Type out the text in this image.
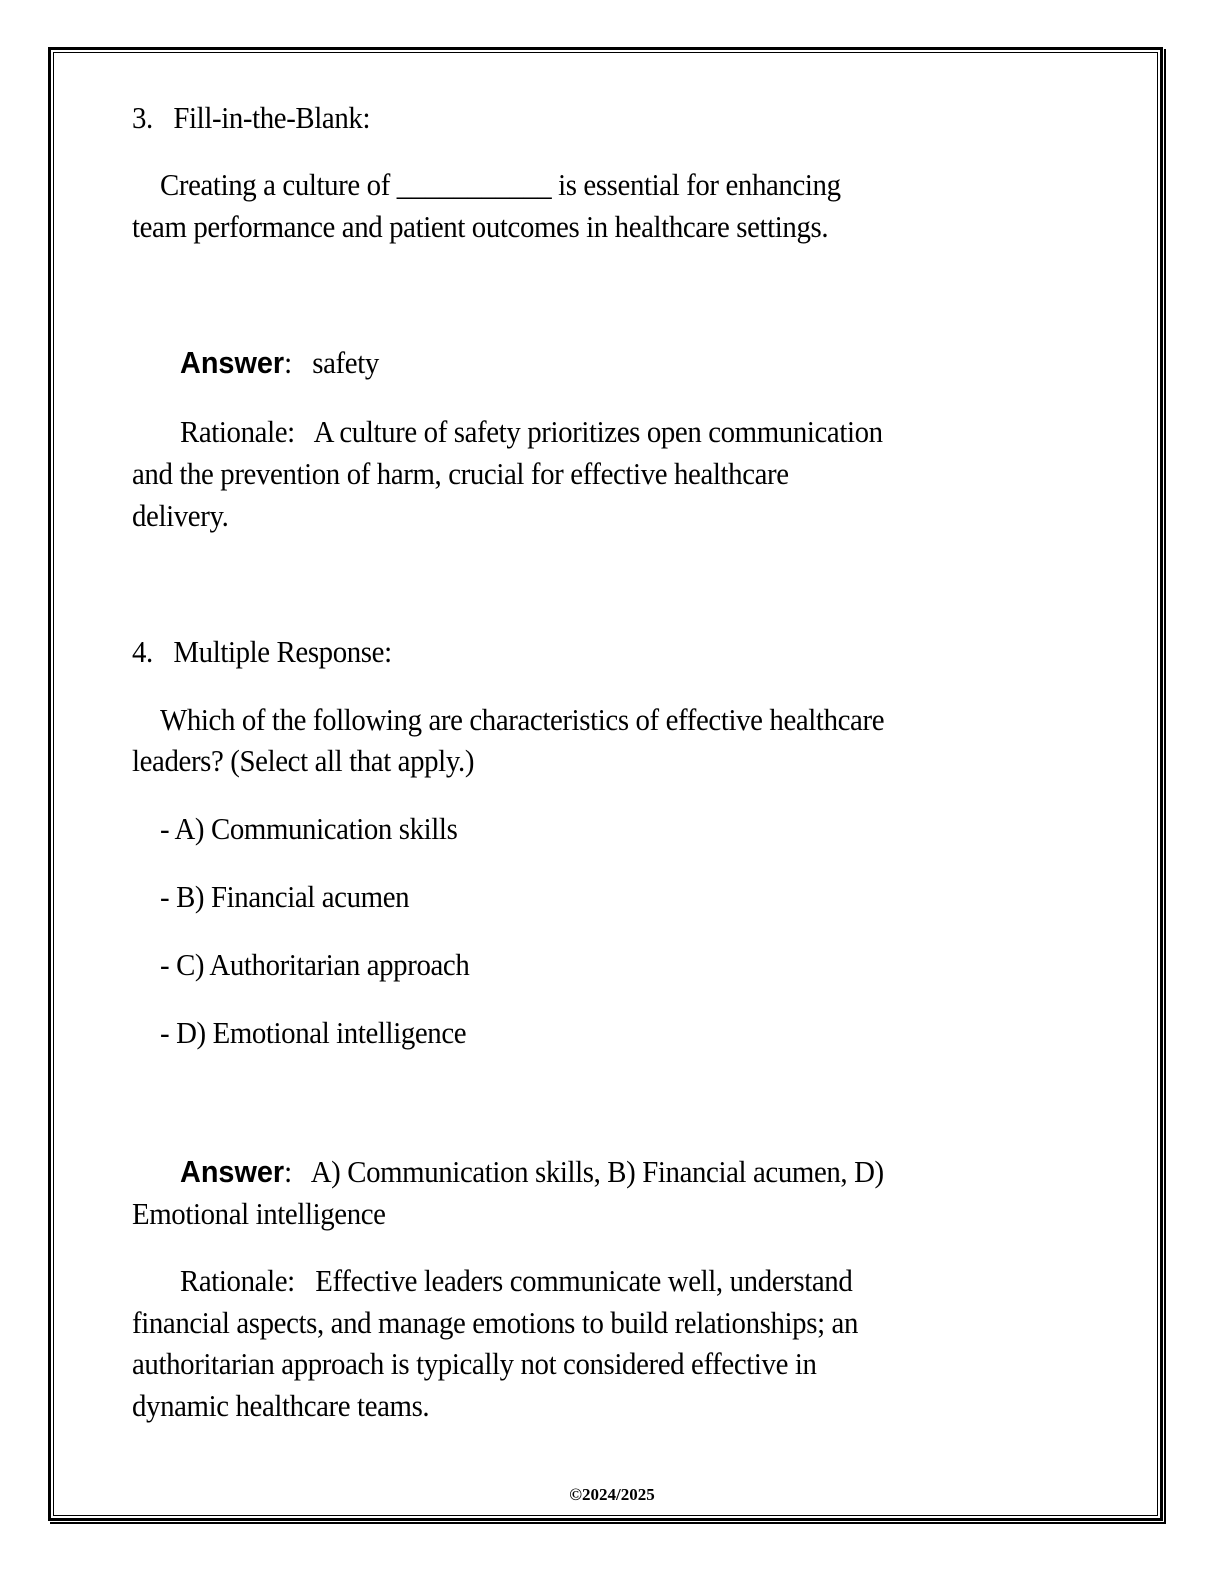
3.   Fill-in-the-Blank:
Creating a culture of ___________ is essential for enhancing
team performance and patient outcomes in healthcare settings.
Answer:   safety
Rationale:   A culture of safety prioritizes open communication
and the prevention of harm, crucial for effective healthcare
delivery.
4.   Multiple Response:
Which of the following are characteristics of effective healthcare
leaders? (Select all that apply.)
- A) Communication skills
- B) Financial acumen
- C) Authoritarian approach
- D) Emotional intelligence
Answer:   A) Communication skills, B) Financial acumen, D)
Emotional intelligence
Rationale:   Effective leaders communicate well, understand
financial aspects, and manage emotions to build relationships; an
authoritarian approach is typically not considered effective in
dynamic healthcare teams.
©2024/2025
